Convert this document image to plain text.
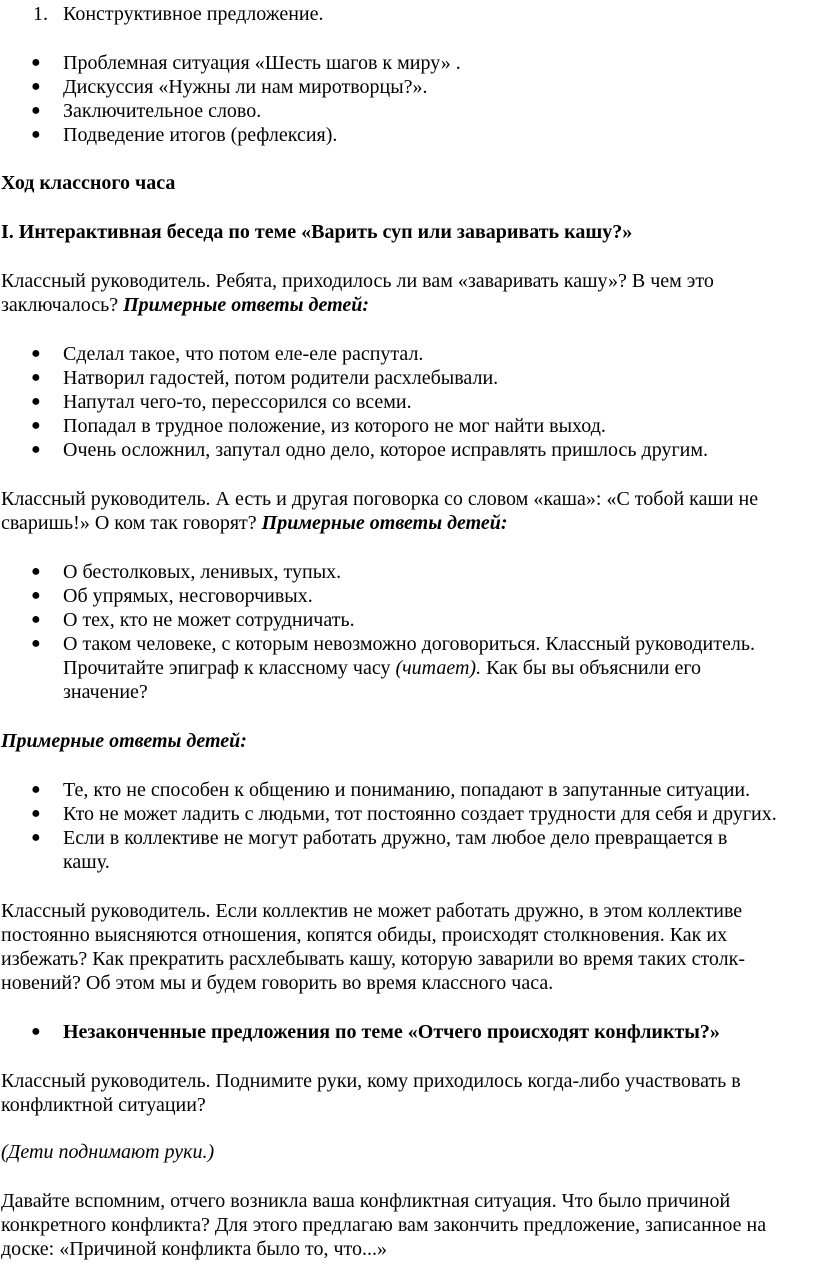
1. Конструктивное предложение.
● Проблемная ситуация «Шесть шагов к миру» .
● Дискуссия «Нужны ли нам миротворцы?».
● Заключительное слово.
● Подведение итогов (рефлексия).
Ход классного часа
I. Интерактивная беседа по теме «Варить суп или заваривать кашу?»
Классный руководитель. Ребята, приходилось ли вам «заваривать кашу»? В чем это
заключалось? Примерные ответы детей:
● Сделал такое, что потом еле-еле распутал.
● Натворил гадостей, потом родители расхлебывали.
● Напутал чего-то, перессорился со всеми.
● Попадал в трудное положение, из которого не мог найти выход.
● Очень осложнил, запутал одно дело, которое исправлять пришлось другим.
Классный руководитель. А есть и другая поговорка со словом «каша»: «С тобой каши не
сваришь!» О ком так говорят? Примерные ответы детей:
● О бестолковых, ленивых, тупых.
● Об упрямых, несговорчивых.
● О тех, кто не может сотрудничать.
● О таком человеке, с которым невозможно договориться. Классный руководитель.
Прочитайте эпиграф к классному часу (читает). Как бы вы объяснили его
значение?
Примерные ответы детей:
● Те, кто не способен к общению и пониманию, попадают в запутанные ситуации.
● Кто не может ладить с людьми, тот постоянно создает трудности для себя и других.
● Если в коллективе не могут работать дружно, там любое дело превращается в
кашу.
Классный руководитель. Если коллектив не может работать дружно, в этом коллективе
постоянно выясняются отношения, копятся обиды, происходят столкновения. Как их
избежать? Как прекратить расхлебывать кашу, которую заварили во время таких столк-
новений? Об этом мы и будем говорить во время классного часа.
● Незаконченные предложения по теме «Отчего происходят конфликты?»
Классный руководитель. Поднимите руки, кому приходилось когда-либо участвовать в
конфликтной ситуации?
(Дети поднимают руки.)
Давайте вспомним, отчего возникла ваша конфликтная ситуация. Что было причиной
конкретного конфликта? Для этого предлагаю вам закончить предложение, записанное на
доске: «Причиной конфликта было то, что...»
